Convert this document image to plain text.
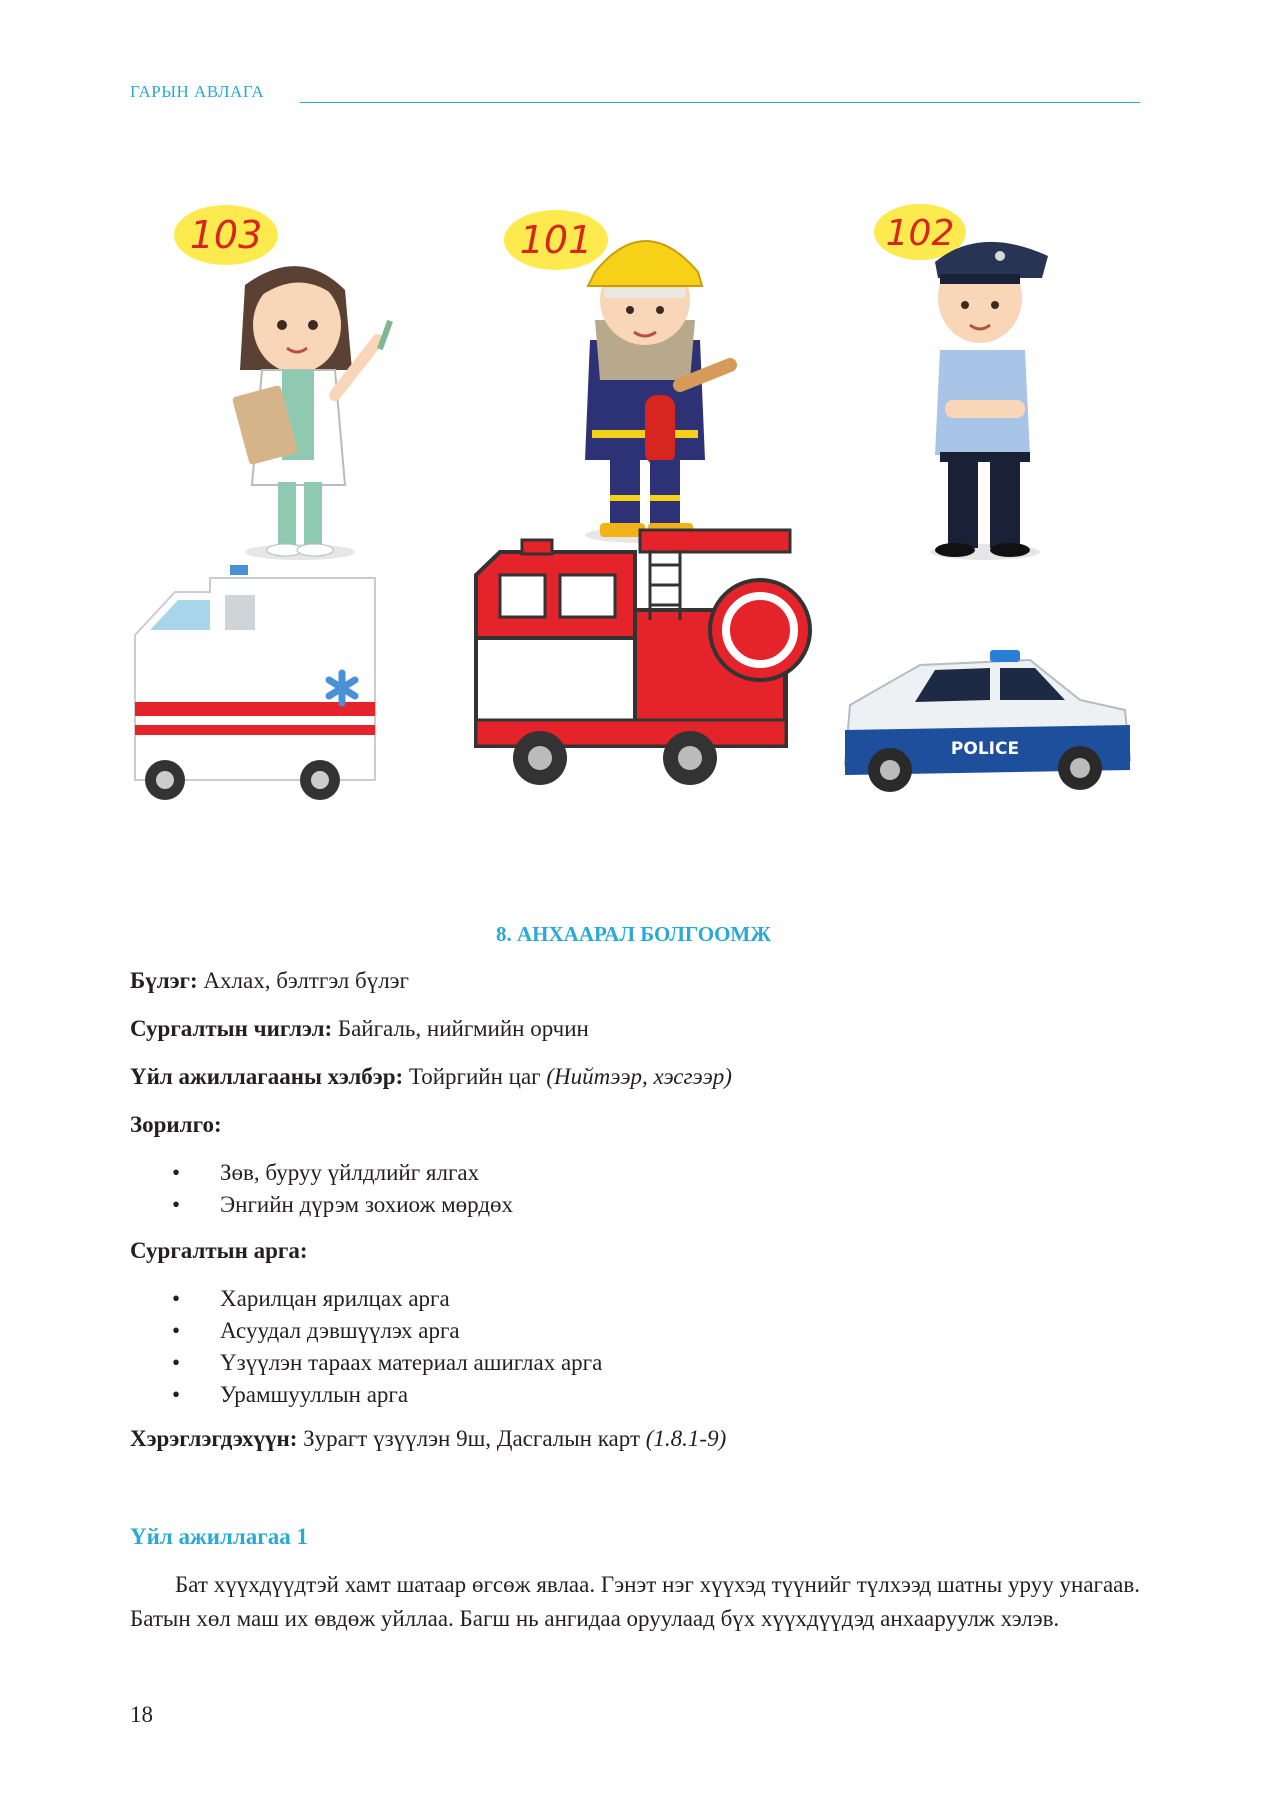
ГАРЫН АВЛАГА
103	101	102
POLICE
8. АНХААРАЛ БОЛГООМЖ
Бүлэг: Ахлах, бэлтгэл бүлэг
Сургалтын чиглэл: Байгаль, нийгмийн орчин
Үйл ажиллагааны хэлбэр: Тойргийн цаг (Нийтээр, хэсгээр)
Зорилго:
• Зөв, буруу үйлдлийг ялгах
• Энгийн дүрэм зохиож мөрдөх
Сургалтын арга:
• Харилцан ярилцах арга
• Асуудал дэвшүүлэх арга
• Үзүүлэн тараах материал ашиглах арга
• Урамшууллын арга
Хэрэглэгдэхүүн: Зурагт үзүүлэн 9ш, Дасгалын карт (1.8.1-9)
Үйл ажиллагаа 1

Бат хүүхдүүдтэй хамт шатаар өгсөж явлаа. Гэнэт нэг хүүхэд түүнийг түлхээд шатны уруу унагаав. Батын хөл маш их өвдөж уйллаа. Багш нь ангидаа оруулаад бүх хүүхдүүдэд анхааруулж хэлэв.

18
